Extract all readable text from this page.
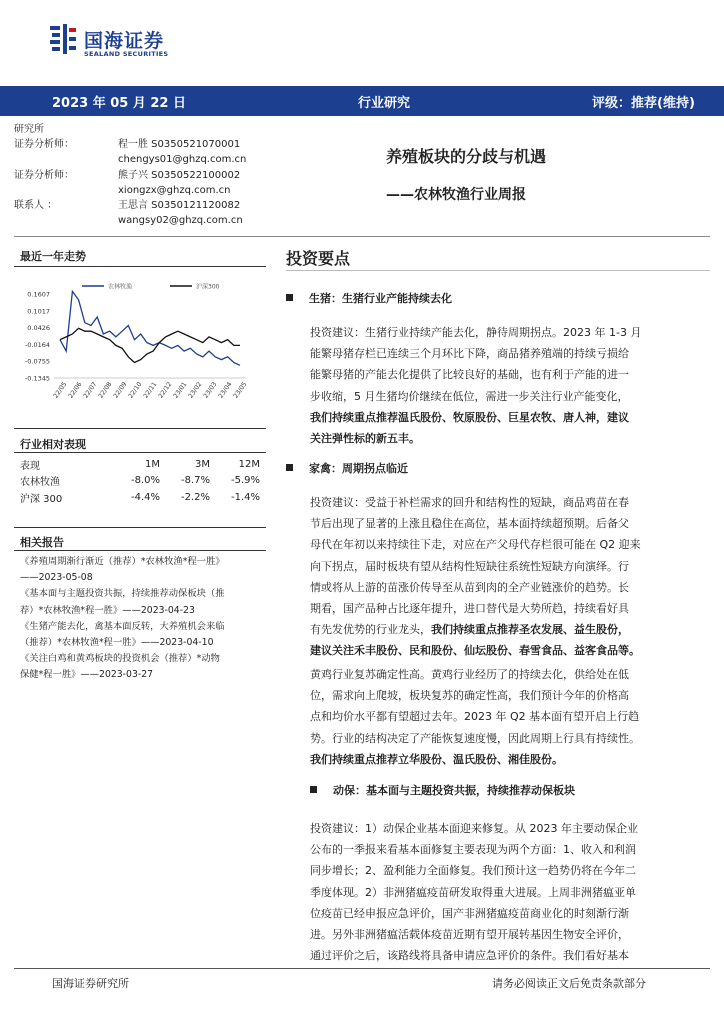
国海证券
SEALAND SECURITIES
2023 年 05 月 22 日	行业研究	评级：推荐(维持)
研究所
证券分析师：	程一胜 S0350521070001
chengys01@ghzq.com.cn
证券分析师：	熊子兴 S0350522100002
xiongzx@ghzq.com.cn
联系人 ：	王思言 S0350121120082
wangsy02@ghzq.com.cn
养殖板块的分歧与机遇
——农林牧渔行业周报
最近一年走势
0.1607
0.1017
0.0426
-0.0164
-0.0755
-0.1345
22/05 22/06 22/07 22/08 22/09 22/10 22/11 22/12 23/01 23/02 23/03 23/04 23/05
农林牧渔	沪深300
行业相对表现
表现	1M	3M	12M
农林牧渔	-8.0%	-8.7%	-5.9%
沪深 300	-4.4%	-2.2%	-1.4%
相关报告
《养殖周期渐行渐近（推荐）*农林牧渔*程一胜》
——2023-05-08
《基本面与主题投资共振，持续推荐动保板块（推
荐）*农林牧渔*程一胜》——2023-04-23
《生猪产能去化，禽基本面反转，大养殖机会来临
（推荐）*农林牧渔*程一胜》——2023-04-10
《关注白鸡和黄鸡板块的投资机会（推荐）*动物
保健*程一胜》——2023-03-27
投资要点
生猪：生猪行业产能持续去化
投资建议：生猪行业持续产能去化，静待周期拐点。2023 年 1-3 月
能繁母猪存栏已连续三个月环比下降，商品猪养殖端的持续亏损给
能繁母猪的产能去化提供了比较良好的基础，也有利于产能的进一
步收缩，5 月生猪均价继续在低位，需进一步关注行业产能变化，
我们持续重点推荐温氏股份、牧原股份、巨星农牧、唐人神，建议
关注弹性标的新五丰。
家禽：周期拐点临近
投资建议：受益于补栏需求的回升和结构性的短缺，商品鸡苗在春
节后出现了显著的上涨且稳住在高位，基本面持续超预期。后备父
母代在年初以来持续往下走，对应在产父母代存栏很可能在 Q2 迎来
向下拐点，届时板块有望从结构性短缺往系统性短缺方向演绎。行
情或将从上游的苗涨价传导至从苗到肉的全产业链涨价的趋势。长
期看，国产品种占比逐年提升，进口替代是大势所趋，持续看好具
有先发优势的行业龙头，我们持续重点推荐圣农发展、益生股份，
建议关注禾丰股份、民和股份、仙坛股份、春雪食品、益客食品等。
黄鸡行业复苏确定性高。黄鸡行业经历了的持续去化，供给处在低
位，需求向上爬坡，板块复苏的确定性高，我们预计今年的价格高
点和均价水平都有望超过去年。2023 年 Q2 基本面有望开启上行趋
势。行业的结构决定了产能恢复速度慢，因此周期上行具有持续性。
我们持续重点推荐立华股份、温氏股份、湘佳股份。
动保：基本面与主题投资共振，持续推荐动保板块
投资建议：1）动保企业基本面迎来修复。从 2023 年主要动保企业
公布的一季报来看基本面修复主要表现为两个方面：1、收入和利润
同步增长；2、盈利能力全面修复。我们预计这一趋势仍将在今年二
季度体现。2）非洲猪瘟疫苗研发取得重大进展。上周非洲猪瘟亚单
位疫苗已经申报应急评价，国产非洲猪瘟疫苗商业化的时刻渐行渐
进。另外非洲猪瘟活载体疫苗近期有望开展转基因生物安全评价，
通过评价之后，该路线将具备申请应急评价的条件。我们看好基本
国海证券研究所	请务必阅读正文后免责条款部分
